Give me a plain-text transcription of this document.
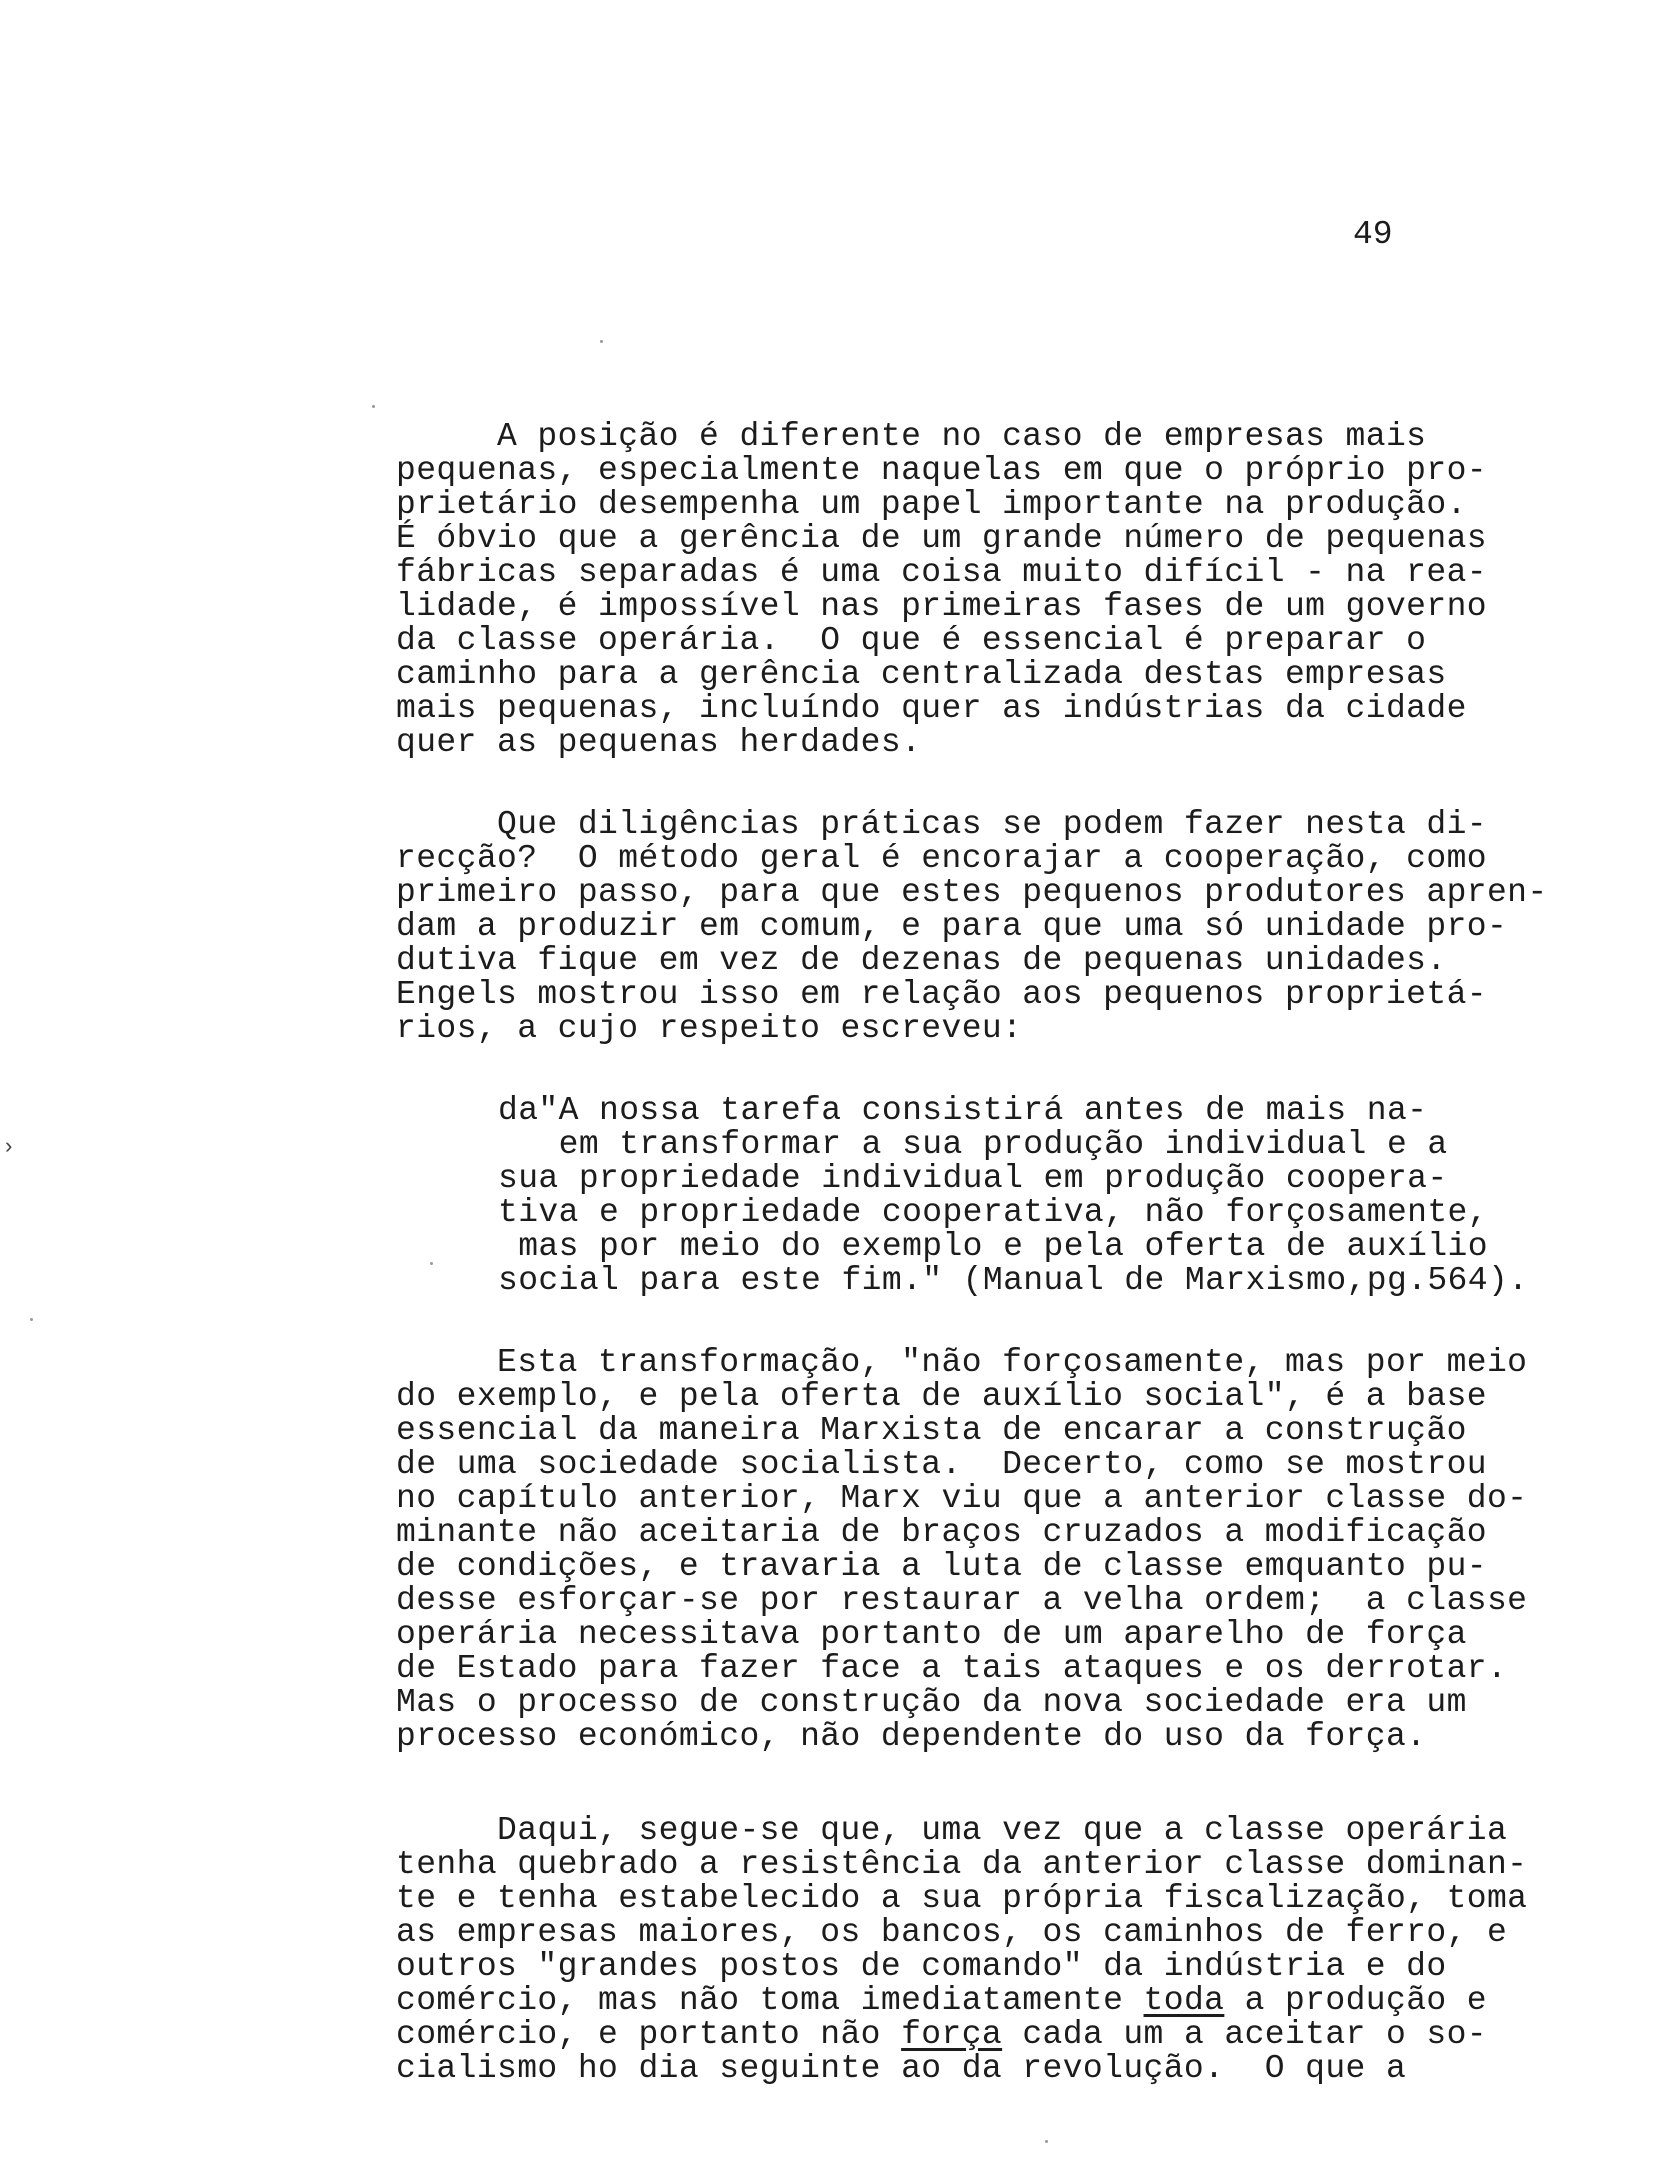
49
›
A posição é diferente no caso de empresas mais
pequenas, especialmente naquelas em que o próprio pro-
prietário desempenha um papel importante na produção.
É óbvio que a gerência de um grande número de pequenas
fábricas separadas é uma coisa muito difícil - na rea-
lidade, é impossível nas primeiras fases de um governo
da classe operária.  O que é essencial é preparar o
caminho para a gerência centralizada destas empresas
mais pequenas, incluíndo quer as indústrias da cidade
quer as pequenas herdades.
Que diligências práticas se podem fazer nesta di-
recção?  O método geral é encorajar a cooperação, como
primeiro passo, para que estes pequenos produtores apren-
dam a produzir em comum, e para que uma só unidade pro-
dutiva fique em vez de dezenas de pequenas unidades.
Engels mostrou isso em relação aos pequenos proprietá-
rios, a cujo respeito escreveu:
da"A nossa tarefa consistirá antes de mais na-
em transformar a sua produção individual e a
sua propriedade individual em produção coopera-
tiva e propriedade cooperativa, não forçosamente,
mas por meio do exemplo e pela oferta de auxílio
social para este fim." (Manual de Marxismo,pg.564).
Esta transformação, "não forçosamente, mas por meio
do exemplo, e pela oferta de auxílio social", é a base
essencial da maneira Marxista de encarar a construção
de uma sociedade socialista.  Decerto, como se mostrou
no capítulo anterior, Marx viu que a anterior classe do-
minante não aceitaria de braços cruzados a modificação
de condições, e travaria a luta de classe emquanto pu-
desse esforçar-se por restaurar a velha ordem;  a classe
operária necessitava portanto de um aparelho de força
de Estado para fazer face a tais ataques e os derrotar.
Mas o processo de construção da nova sociedade era um
processo económico, não dependente do uso da força.
Daqui, segue-se que, uma vez que a classe operária
tenha quebrado a resistência da anterior classe dominan-
te e tenha estabelecido a sua própria fiscalização, toma
as empresas maiores, os bancos, os caminhos de ferro, e
outros "grandes postos de comando" da indústria e do
comércio, mas não toma imediatamente toda a produção e
comércio, e portanto não força cada um a aceitar o so-
cialismo ho dia seguinte ao da revolução.  O que a
